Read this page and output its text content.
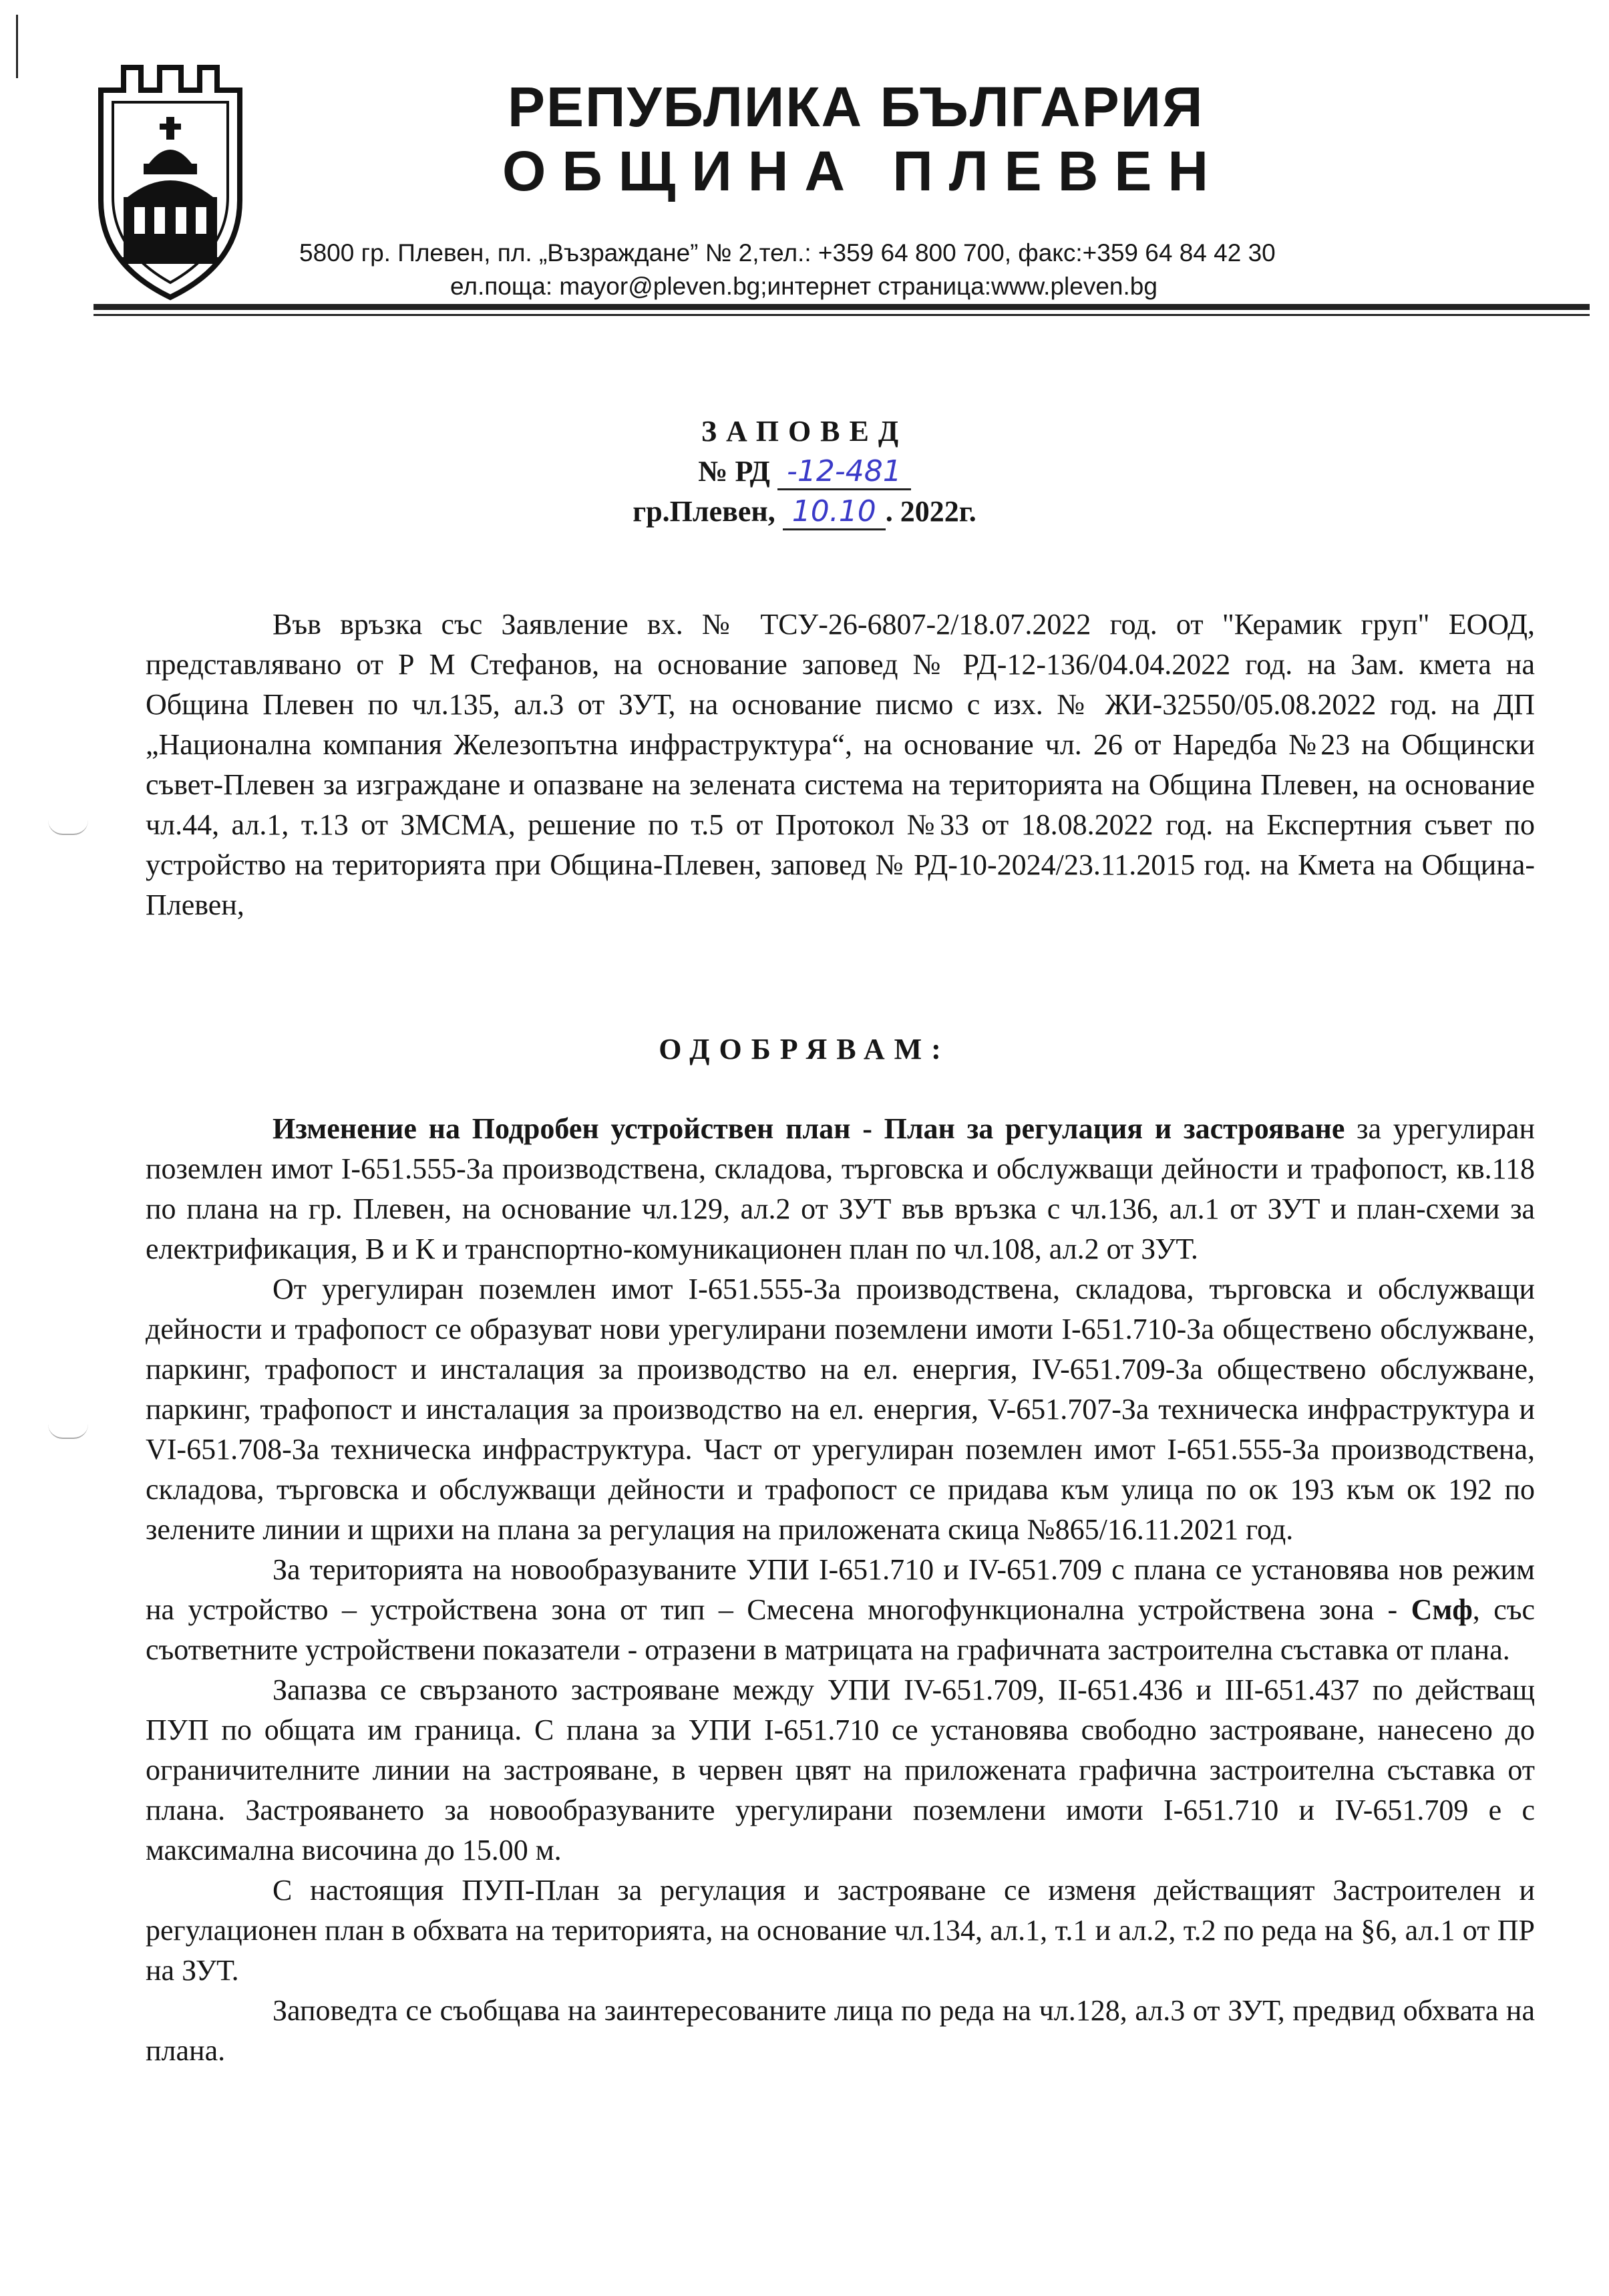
РЕПУБЛИКА БЪЛГАРИЯ
ОБЩИНА ПЛЕВЕН
5800 гр. Плевен, пл. „Възраждане” № 2,тел.: +359 64 800 700, факс:+359 64 84 42 30
ел.поща: mayor@pleven.bg;интернет страница:www.pleven.bg
ЗАПОВЕД
№ РД -12-481
гр.Плевен, 10.10 . 2022г.

Във връзка със Заявление вх. № ТСУ-26-6807-2/18.07.2022 год. от "Керамик груп" ЕООД, представлявано от Р М Стефанов, на основание заповед № РД-12-136/04.04.2022 год. на Зам. кмета на Община Плевен по чл.135, ал.3 от ЗУТ, на основание писмо с изх. № ЖИ-32550/05.08.2022 год. на ДП „Национална компания Железопътна инфраструктура“, на основание чл. 26 от Наредба №23 на Общински съвет-Плевен за изграждане и опазване на зелената система на територията на Община Плевен, на основание чл.44, ал.1, т.13 от ЗМСМА, решение по т.5 от Протокол №33 от 18.08.2022 год. на Експертния съвет по устройство на територията при Община-Плевен, заповед № РД-10-2024/23.11.2015 год. на Кмета на Община-Плевен,

ОДОБРЯВАМ:

Изменение на Подробен устройствен план - План за регулация и застрояване за урегулиран поземлен имот І-651.555-За производствена, складова, търговска и обслужващи дейности и трафопост, кв.118 по плана на гр. Плевен, на основание чл.129, ал.2 от ЗУТ във връзка с чл.136, ал.1 от ЗУТ и план-схеми за електрификация, В и К и транспортно-комуникационен план по чл.108, ал.2 от ЗУТ.

От урегулиран поземлен имот І-651.555-За производствена, складова, търговска и обслужващи дейности и трафопост се образуват нови урегулирани поземлени имоти І-651.710-За обществено обслужване, паркинг, трафопост и инсталация за производство на ел. енергия, ІV-651.709-За обществено обслужване, паркинг, трафопост и инсталация за производство на ел. енергия, V-651.707-За техническа инфраструктура и VІ-651.708-За техническа инфраструктура. Част от урегулиран поземлен имот І-651.555-За производствена, складова, търговска и обслужващи дейности и трафопост се придава към улица по ок 193 към ок 192 по зелените линии и щрихи на плана за регулация на приложената скица №865/16.11.2021 год.

За територията на новообразуваните УПИ І-651.710 и ІV-651.709 с плана се установява нов режим на устройство – устройствена зона от тип – Смесена многофункционална устройствена зона - Смф, със съответните устройствени показатели - отразени в матрицата на графичната застроителна съставка от плана.

Запазва се свързаното застрояване между УПИ ІV-651.709, ІІ-651.436 и ІІІ-651.437 по действащ ПУП по общата им граница. С плана за УПИ І-651.710 се установява свободно застрояване, нанесено до ограничителните линии на застрояване, в червен цвят на приложената графична застроителна съставка от плана. Застрояването за новообразуваните урегулирани поземлени имоти І-651.710 и ІV-651.709 е с максимална височина до 15.00 м.

С настоящия ПУП-План за регулация и застрояване се изменя действащият Застроителен и регулационен план в обхвата на територията, на основание чл.134, ал.1, т.1 и ал.2, т.2 по реда на §6, ал.1 от ПР на ЗУТ.

Заповедта се съобщава на заинтересованите лица по реда на чл.128, ал.3 от ЗУТ, предвид обхвата на плана.
